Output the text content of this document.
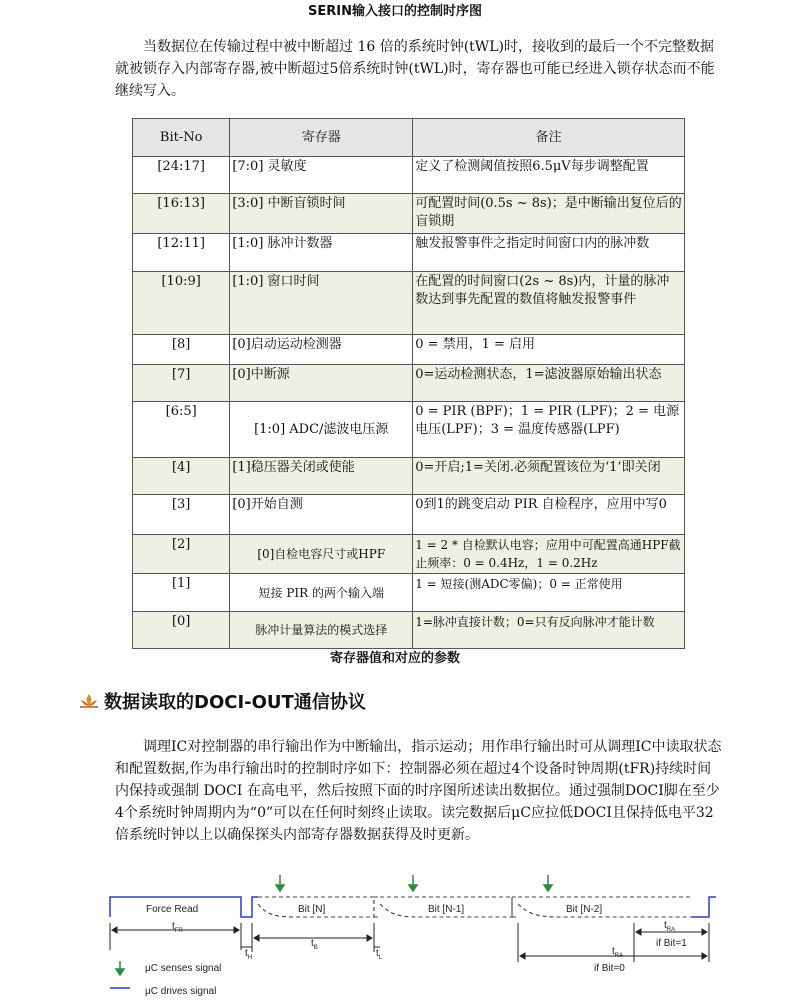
SERIN输入接口的控制时序图
当数据位在传输过程中被中断超过 16 倍的系统时钟(tWL)时，接收到的最后一个不完整数据就被锁存入内部寄存器,被中断超过5倍系统时钟(tWL)时，寄存器也可能已经进入锁存状态而不能继续写入。
Bit-No	寄存器	备注
[24:17]	[7:0] 灵敏度	定义了检测阈值按照6.5μV每步调整配置
[16:13]	[3:0] 中断盲锁时间	可配置时间(0.5s ~ 8s)；是中断输出复位后的盲锁期
[12:11]	[1:0] 脉冲计数器	触发报警事件之指定时间窗口内的脉冲数
[10:9]	[1:0] 窗口时间	在配置的时间窗口(2s ~ 8s)内，计量的脉冲数达到事先配置的数值将触发报警事件
[8]	[0]启动运动检测器	0 = 禁用，1 = 启用
[7]	[0]中断源	0=运动检测状态，1=滤波器原始输出状态
[6:5]	[1:0] ADC/滤波电压源	0 = PIR (BPF)；1 = PIR (LPF)；2 = 电源电压(LPF)；3 = 温度传感器(LPF)
[4]	[1]稳压器关闭或使能	0=开启;1=关闭.必须配置该位为‘1’即关闭
[3]	[0]开始自测	0到1的跳变启动 PIR 自检程序，应用中写0
[2]	[0]自检电容尺寸或HPF	1 = 2 * 自检默认电容；应用中可配置高通HPF截止频率：0 = 0.4Hz，1 = 0.2Hz
[1]	短接 PIR 的两个输入端	1 = 短接(测ADC零偏)；0 = 正常使用
[0]	脉冲计量算法的模式选择	1=脉冲直接计数；0=只有反向脉冲才能计数
寄存器值和对应的参数
数据读取的DOCI-OUT通信协议
调理IC对控制器的串行输出作为中断输出，指示运动；用作串行输出时可从调理IC中读取状态和配置数据,作为串行输出时的控制时序如下：控制器必须在超过4个设备时钟周期(tFR)持续时间内保持或强制 DOCI 在高电平，然后按照下面的时序图所述读出数据位。通过强制DOCI脚在至少4个系统时钟周期内为“0”可以在任何时刻终止读取。读完数据后μC应拉低DOCI且保持低电平32倍系统时钟以上以确保探头内部寄存器数据获得及时更新。
Force Read	Bit [N]	Bit [N-1]	Bit [N-2]
$t_{FR}$
$t_B$
$t_H$	$t_L$
$t_{RA}$
if Bit=1
$t_{RA}$
if Bit=0
μC senses signal
μC drives signal
